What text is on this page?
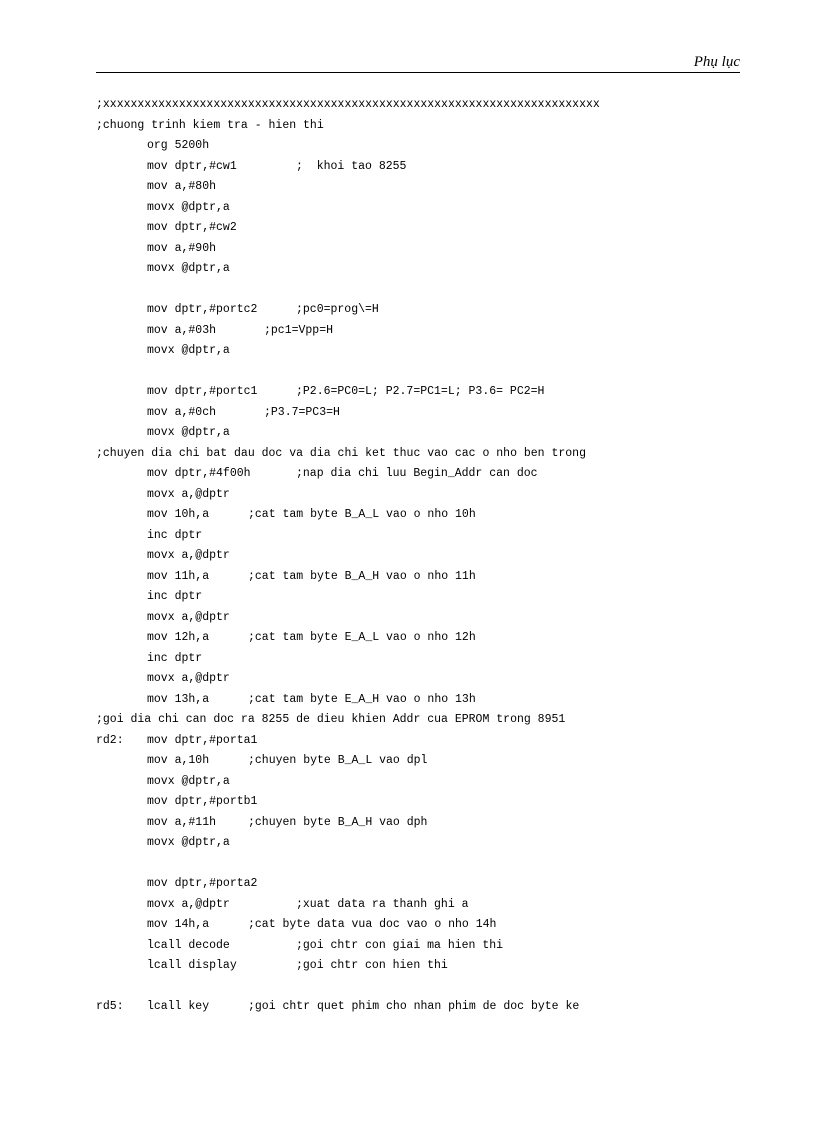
Phụ lục
;xxxxxxxxxxxxxxxxxxxxxxxxxxxxxxxxxxxxxxxxxxxxxxxxxxxxxxxxxxxxxxxxxxxxxxxx
;chuong trinh kiem tra - hien thi
org 5200h
mov dptr,#cw1	;  khoi tao 8255
mov a,#80h
movx @dptr,a
mov dptr,#cw2
mov a,#90h
movx @dptr,a
mov dptr,#portc2	;pc0=prog\=H
mov a,#03h	;pc1=Vpp=H
movx @dptr,a
mov dptr,#portc1	;P2.6=PC0=L; P2.7=PC1=L; P3.6= PC2=H
mov a,#0ch	;P3.7=PC3=H
movx @dptr,a
;chuyen dia chi bat dau doc va dia chi ket thuc vao cac o nho ben trong
mov dptr,#4f00h	;nap dia chi luu Begin_Addr can doc
movx a,@dptr
mov 10h,a	;cat tam byte B_A_L vao o nho 10h
inc dptr
movx a,@dptr
mov 11h,a	;cat tam byte B_A_H vao o nho 11h
inc dptr
movx a,@dptr
mov 12h,a	;cat tam byte E_A_L vao o nho 12h
inc dptr
movx a,@dptr
mov 13h,a	;cat tam byte E_A_H vao o nho 13h
;goi dia chi can doc ra 8255 de dieu khien Addr cua EPROM trong 8951
rd2: mov dptr,#porta1
mov a,10h	;chuyen byte B_A_L vao dpl
movx @dptr,a
mov dptr,#portb1
mov a,#11h	;chuyen byte B_A_H vao dph
movx @dptr,a
mov dptr,#porta2
movx a,@dptr	;xuat data ra thanh ghi a
mov 14h,a	;cat byte data vua doc vao o nho 14h
lcall decode	;goi chtr con giai ma hien thi
lcall display	;goi chtr con hien thi
rd5: lcall key	;goi chtr quet phim cho nhan phim de doc byte ke
